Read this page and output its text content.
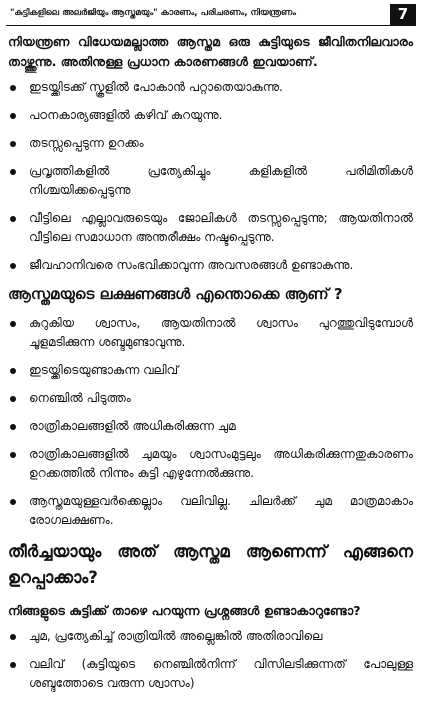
"കുട്ടികളിലെ അലർജിയും ആസ്തമയും" കാരണം, പരിചരണം, നിയന്ത്രണം	7

നിയന്ത്രണ വിധേയമല്ലാത്ത ആസ്തമ ഒരു കുട്ടിയുടെ ജീവിതനിലവാരം താഴ്ത്തുന്നു. അതിനുള്ള പ്രധാന കാരണങ്ങൾ ഇവയാണ്.

ഇടയ്ക്കിടക്ക് സ്കൂളിൽ പോകാൻ പറ്റാതെയാകുന്നു.
പഠനകാര്യങ്ങളിൽ കഴിവ് കുറയുന്നു.
തടസ്സപ്പെടുന്ന ഉറക്കം
പ്രവൃത്തികളിൽ പ്രത്യേകിച്ചും കളികളിൽ പരിമിതികൾ നിശ്ചയിക്കപ്പെടുന്നു
വീട്ടിലെ എല്ലാവരുടെയും ജോലികൾ തടസ്സപ്പെടുന്നു; ആയതിനാൽ വീട്ടിലെ സമാധാന അന്തരീക്ഷം നഷ്ടപ്പെടുന്നു.
ജീവഹാനിവരെ സംഭവിക്കാവുന്ന അവസരങ്ങൾ ഉണ്ടാകുന്നു.
ആസ്തമയുടെ ലക്ഷണങ്ങൾ എന്തൊക്കെ ആണ് ?
കുറുകിയ ശ്വാസം, ആയതിനാൽ ശ്വാസം പുറത്തുവിടുമ്പോൾ ചൂളമടിക്കുന്ന ശബ്ദമുണ്ടാവുന്നു.
ഇടയ്ക്കിടെയുണ്ടാകുന്ന വലിവ്
നെഞ്ചിൽ പിടുത്തം
രാത്രികാലങ്ങളിൽ അധികരിക്കുന്ന ചുമ
രാത്രികാലങ്ങളിൽ ചുമയും ശ്വാസംമുട്ടലും അധികരിക്കുന്നതുകാരണം ഉറക്കത്തിൽ നിന്നും കുട്ടി എഴുന്നേൽക്കുന്നു.
ആസ്തമയുള്ളവർക്കെല്ലാം വലിവില്ല. ചിലർക്ക് ചുമ മാത്രമാകാം രോഗലക്ഷണം.
തീർച്ചയായും അത് ആസ്തമ ആണെന്ന് എങ്ങനെ ഉറപ്പാക്കാം?

നിങ്ങളുടെ കുട്ടിക്ക് താഴെ പറയുന്ന പ്രശ്നങ്ങൾ ഉണ്ടാകാറുണ്ടോ?

ചുമ, പ്രത്യേകിച്ച് രാത്രിയിൽ അല്ലെങ്കിൽ അതിരാവിലെ
വലിവ് (കുട്ടിയുടെ നെഞ്ചിൽനിന്ന് വിസിലടിക്കുന്നത് പോലുള്ള ശബ്ദത്തോടെ വരുന്ന ശ്വാസം)
